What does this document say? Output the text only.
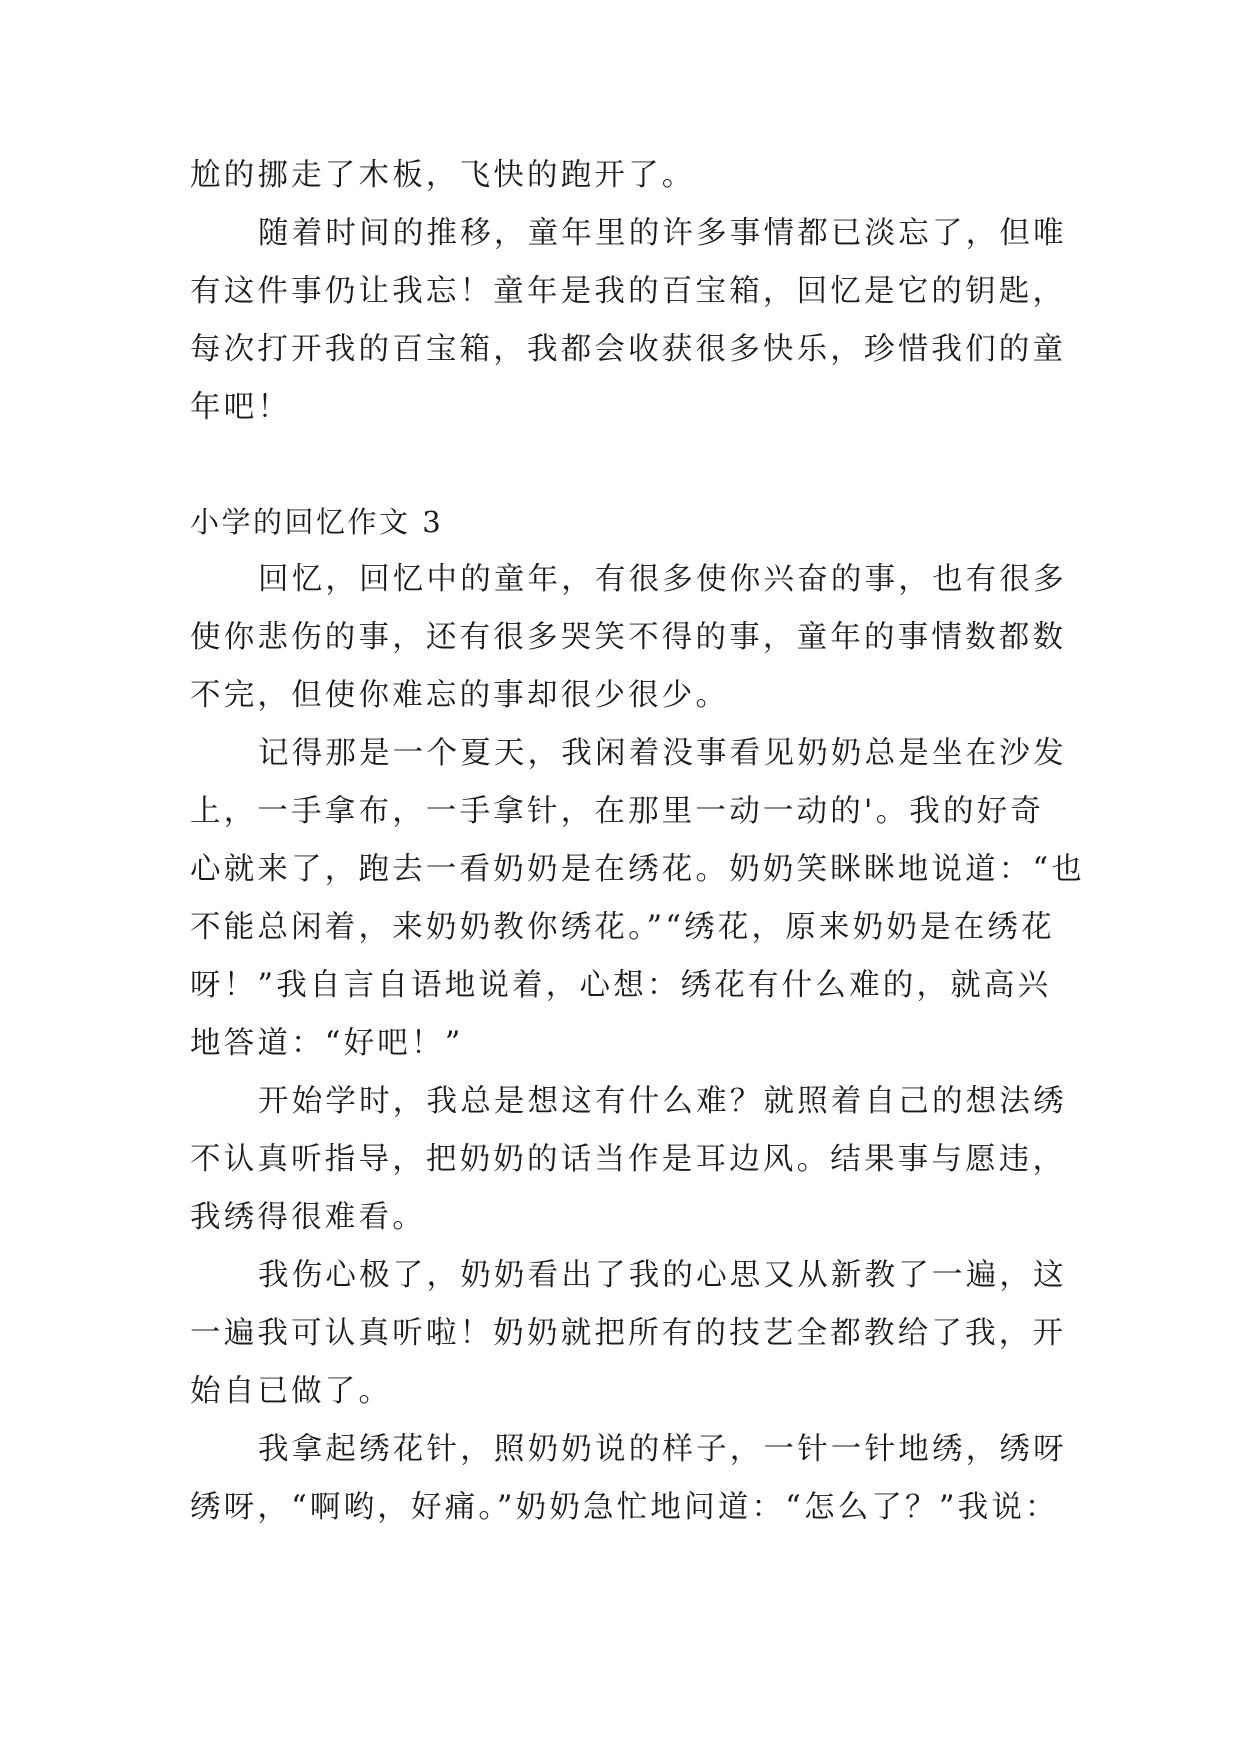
尬的挪走了木板，飞快的跑开了。
随着时间的推移，童年里的许多事情都已淡忘了，但唯
有这件事仍让我忘！童年是我的百宝箱，回忆是它的钥匙，
每次打开我的百宝箱，我都会收获很多快乐，珍惜我们的童
年吧！
小学的回忆作文 3
回忆，回忆中的童年，有很多使你兴奋的事，也有很多
使你悲伤的事，还有很多哭笑不得的事，童年的事情数都数
不完，但使你难忘的事却很少很少。
记得那是一个夏天，我闲着没事看见奶奶总是坐在沙发
上，一手拿布，一手拿针，在那里一动一动的'。我的好奇
心就来了，跑去一看奶奶是在绣花。奶奶笑眯眯地说道：“也
不能总闲着，来奶奶教你绣花。”“绣花，原来奶奶是在绣花
呀！”我自言自语地说着，心想：绣花有什么难的，就高兴
地答道：“好吧！”
开始学时，我总是想这有什么难？就照着自己的想法绣
不认真听指导，把奶奶的话当作是耳边风。结果事与愿违，
我绣得很难看。
我伤心极了，奶奶看出了我的心思又从新教了一遍，这
一遍我可认真听啦！奶奶就把所有的技艺全都教给了我，开
始自已做了。
我拿起绣花针，照奶奶说的样子，一针一针地绣，绣呀
绣呀，“啊哟，好痛。”奶奶急忙地问道：“怎么了？”我说：
